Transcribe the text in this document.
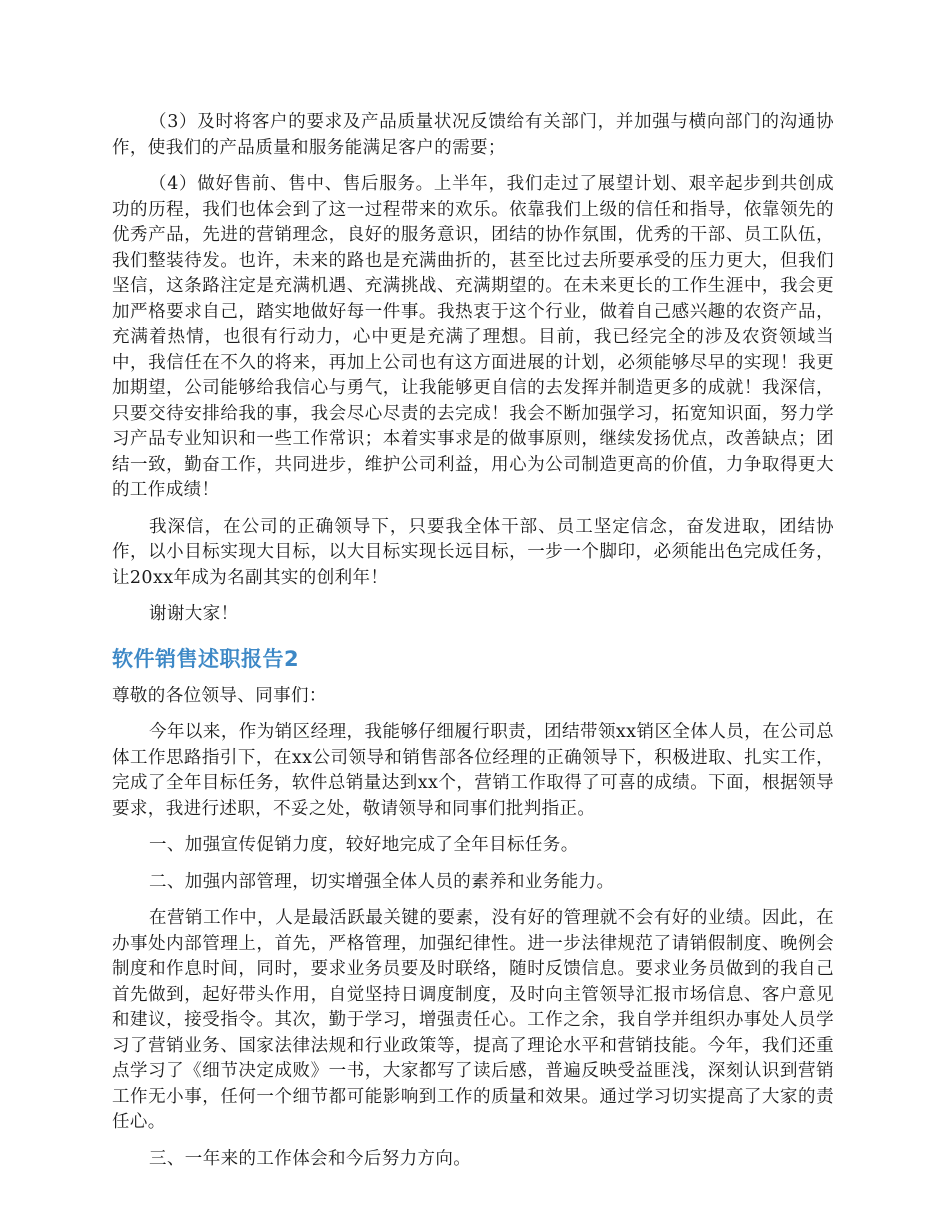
（3）及时将客户的要求及产品质量状况反馈给有关部门，并加强与横向部门的沟通协作，使我们的产品质量和服务能满足客户的需要；

（4）做好售前、售中、售后服务。上半年，我们走过了展望计划、艰辛起步到共创成功的历程，我们也体会到了这一过程带来的欢乐。依靠我们上级的信任和指导，依靠领先的优秀产品，先进的营销理念，良好的服务意识，团结的协作氛围，优秀的干部、员工队伍，我们整装待发。也许，未来的路也是充满曲折的，甚至比过去所要承受的压力更大，但我们坚信，这条路注定是充满机遇、充满挑战、充满期望的。在未来更长的工作生涯中，我会更加严格要求自己，踏实地做好每一件事。我热衷于这个行业，做着自己感兴趣的农资产品，充满着热情，也很有行动力，心中更是充满了理想。目前，我已经完全的涉及农资领域当中，我信任在不久的将来，再加上公司也有这方面进展的计划，必须能够尽早的实现！我更加期望，公司能够给我信心与勇气，让我能够更自信的去发挥并制造更多的成就！我深信，只要交待安排给我的事，我会尽心尽责的去完成！我会不断加强学习，拓宽知识面，努力学习产品专业知识和一些工作常识；本着实事求是的做事原则，继续发扬优点，改善缺点；团结一致，勤奋工作，共同进步，维护公司利益，用心为公司制造更高的价值，力争取得更大的工作成绩！

我深信，在公司的正确领导下，只要我全体干部、员工坚定信念，奋发进取，团结协作，以小目标实现大目标，以大目标实现长远目标，一步一个脚印，必须能出色完成任务，让20xx年成为名副其实的创利年！

谢谢大家！

软件销售述职报告2

尊敬的各位领导、同事们：

今年以来，作为销区经理，我能够仔细履行职责，团结带领xx销区全体人员，在公司总体工作思路指引下，在xx公司领导和销售部各位经理的正确领导下，积极进取、扎实工作，完成了全年目标任务，软件总销量达到xx个，营销工作取得了可喜的成绩。下面，根据领导要求，我进行述职，不妥之处，敬请领导和同事们批判指正。

一、加强宣传促销力度，较好地完成了全年目标任务。

二、加强内部管理，切实增强全体人员的素养和业务能力。

在营销工作中，人是最活跃最关键的要素，没有好的管理就不会有好的业绩。因此，在办事处内部管理上，首先，严格管理，加强纪律性。进一步法律规范了请销假制度、晚例会制度和作息时间，同时，要求业务员要及时联络，随时反馈信息。要求业务员做到的我自己首先做到，起好带头作用，自觉坚持日调度制度，及时向主管领导汇报市场信息、客户意见和建议，接受指令。其次，勤于学习，增强责任心。工作之余，我自学并组织办事处人员学习了营销业务、国家法律法规和行业政策等，提高了理论水平和营销技能。今年，我们还重点学习了《细节决定成败》一书，大家都写了读后感，普遍反映受益匪浅，深刻认识到营销工作无小事，任何一个细节都可能影响到工作的质量和效果。通过学习切实提高了大家的责任心。

三、一年来的工作体会和今后努力方向。
